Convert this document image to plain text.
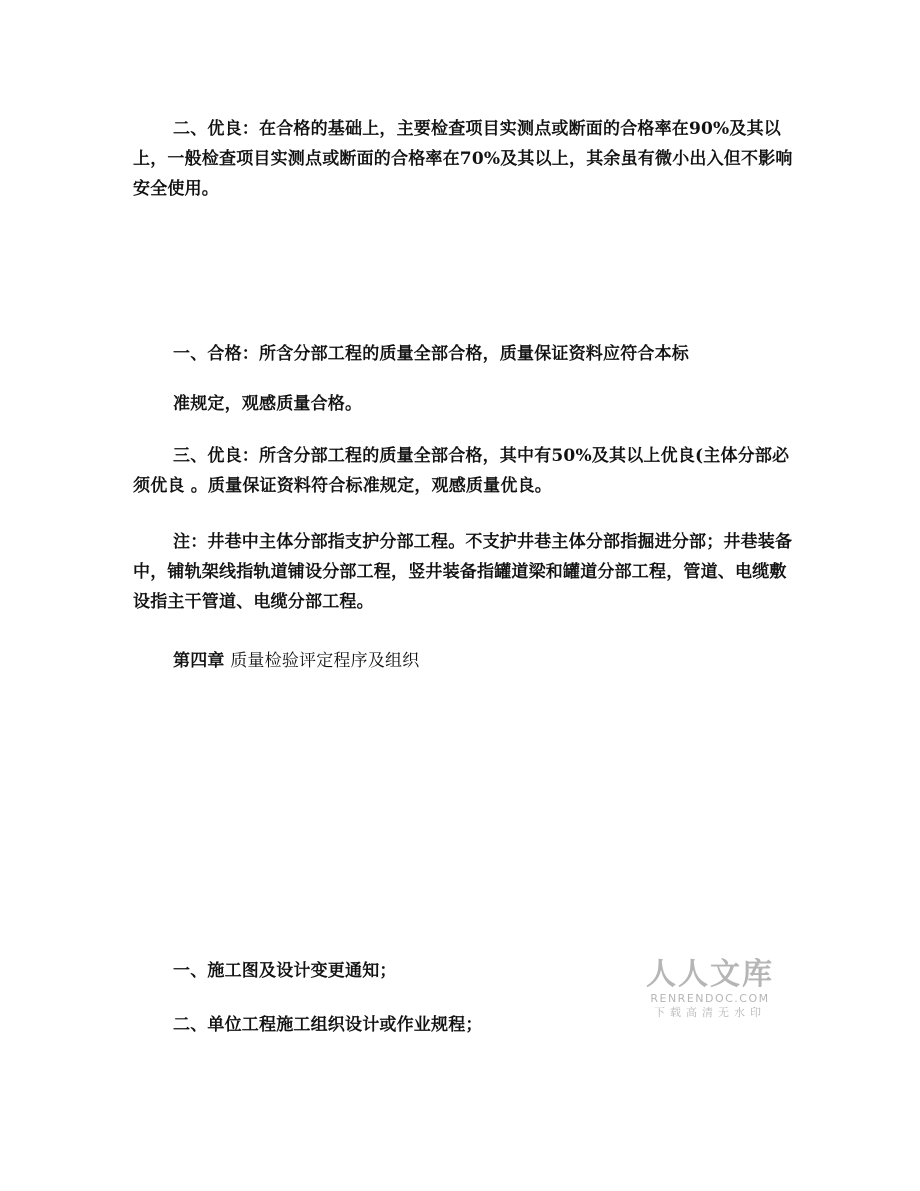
二、优良：在合格的基础上，主要检查项目实测点或断面的合格率在90%及其以上，一般检查项目实测点或断面的合格率在70%及其以上，其余虽有微小出入但不影响安全使用。

一、合格：所含分部工程的质量全部合格，质量保证资料应符合本标

准规定，观感质量合格。

三、优良：所含分部工程的质量全部合格，其中有50%及其以上优良(主体分部必须优良 。质量保证资料符合标准规定，观感质量优良。

注：井巷中主体分部指支护分部工程。不支护井巷主体分部指掘进分部；井巷装备中，铺轨架线指轨道铺设分部工程，竖井装备指罐道梁和罐道分部工程，管道、电缆敷设指主干管道、电缆分部工程。

第四章 质量检验评定程序及组织

一、施工图及设计变更通知；

二、单位工程施工组织设计或作业规程；

人人文库
RENRENDOC.COM
下载高清无水印
